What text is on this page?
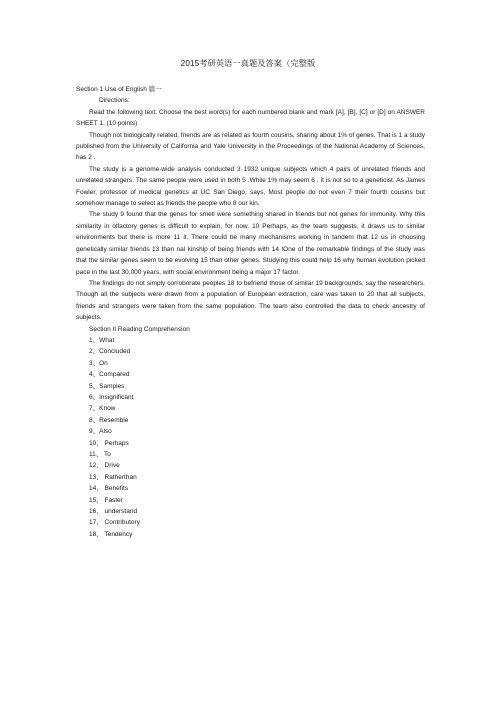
2015考研英语一真题及答案（完整版

Section 1 Use of English 篇一

Directions:

Read the following text. Choose the best word(s) for each numbered blank and mark [A], [B], [C] or [D] on ANSWER SHEET 1. (10 points)

Though not biologically related, friends are as related as fourth cousins, sharing about 1% of genes. That is 1 a study published from the University of California and Yale University in the Proceedings of the National Academy of Sciences, has 2 .

The study is a genome-wide analysis conducted 3 1932 unique subjects which 4 pairs of unrelated friends and unrelated strangers. The same people were used in both 5 .While 1% may seem 6 , it is not so to a geneticist. As James Fowler, professor of medical genetics at UC San Diego, says, Most people do not even 7 their fourth cousins but somehow manage to select as friends the people who 8 our kin.

The study 9 found that the genes for smell were something shared in friends but not genes for immunity. Why this similarity in olfactory genes is difficult to explain, for now. 10 Perhaps, as the team suggests, it draws us to similar environments but there is more 11 it. There could be many mechanisms working in tandem that 12 us in choosing genetically similar friends 13 than nal kinship of being friends with 14 !One of the remarkable findings of the study was that the similar genes seem to be evolving 15 than other genes. Studying this could help 16 why human evolution picked pace in the last 30,000 years, with social environment being a major 17 factor.

The findings do not simply corroborate peoples 18 to befriend those of similar 19 backgrounds, say the researchers. Though all the subjects were drawn from a population of European extraction, care was taken to 20 that all subjects, friends and strangers were taken from the same population. The team also controlled the data to check ancestry of subjects.

Section II Reading Comprehension

1、What
2、Concluded
3、On
4、Compared
5、Samples
6、Insignificant
7、Know
8、Resemble
9、Also
10、 Perhaps
11、 To
12、 Drive
13、 Ratherthan
14、 Benefits
15、 Faster
16、 understand
17、 Contributory
18、 Tendency
